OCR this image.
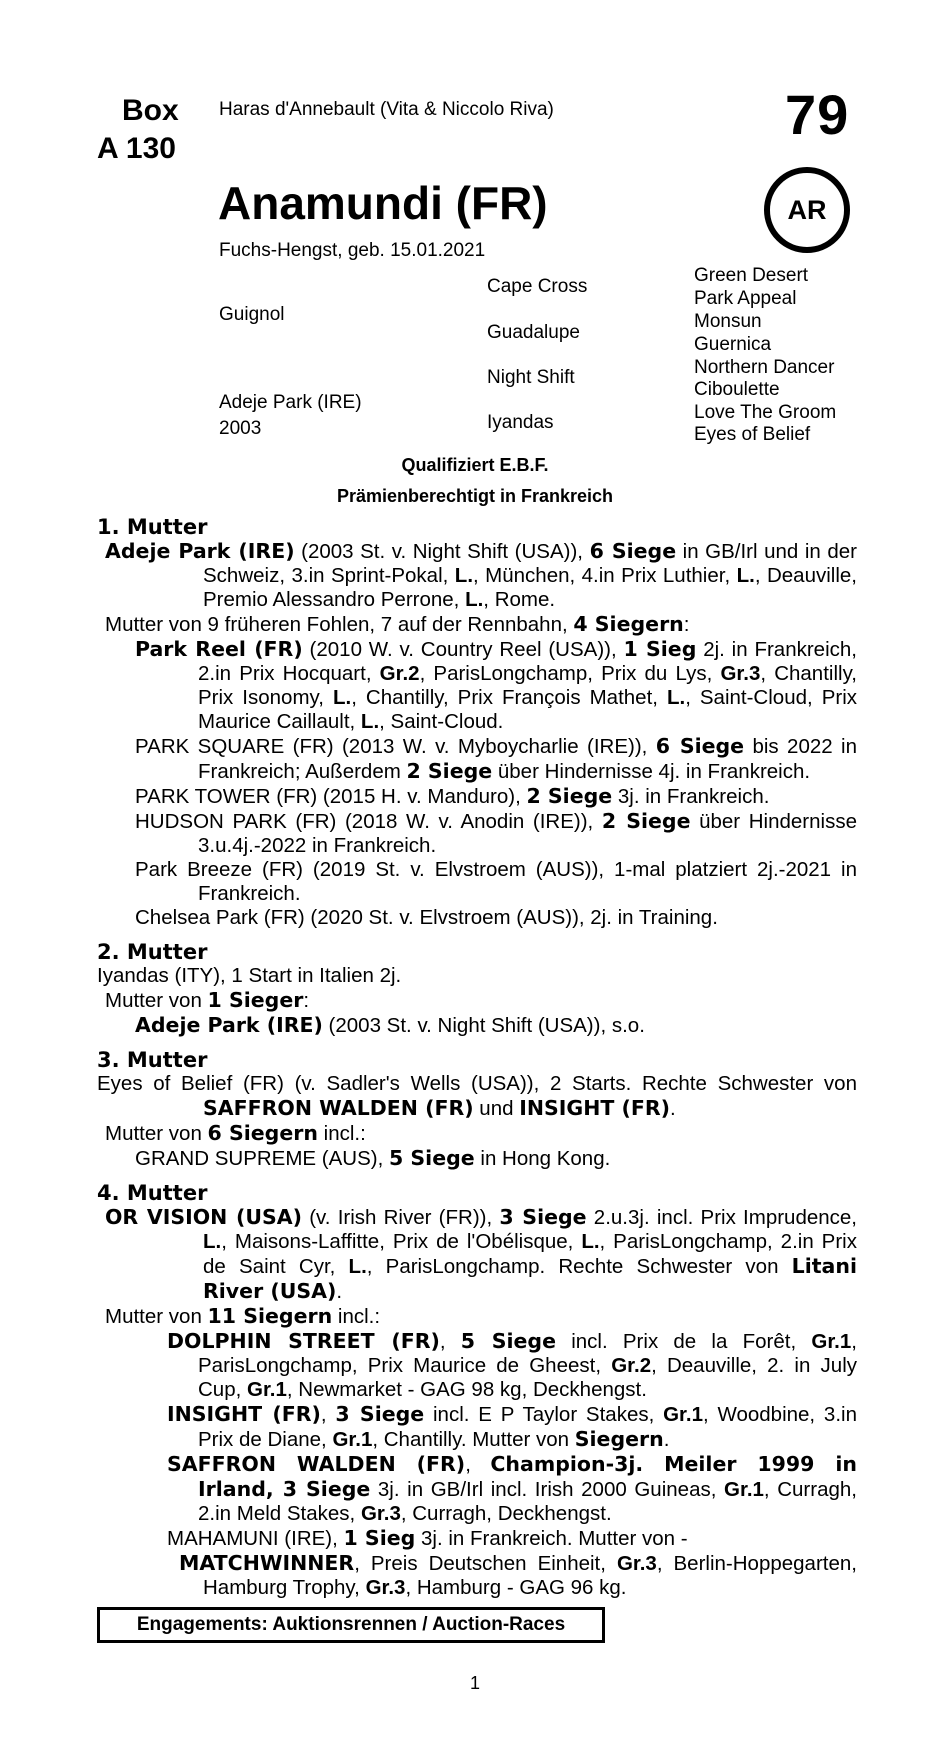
Box
A 130
Haras d'Annebault (Vita & Niccolo Riva)	79
Anamundi (FR)	AR
Fuchs-Hengst, geb. 15.01.2021
Guignol
Adeje Park (IRE)
2003
Cape Cross
Guadalupe
Night Shift
Iyandas
Green Desert
Park Appeal
Monsun
Guernica
Northern Dancer
Ciboulette
Love The Groom
Eyes of Belief
Qualifiziert E.B.F.
Prämienberechtigt in Frankreich
1. Mutter

Adeje Park (IRE) (2003 St. v. Night Shift (USA)), 6 Siege in GB/Irl und in der Schweiz, 3.in Sprint-Pokal, L., München, 4.in Prix Luthier, L., Deauville, Premio Alessandro Perrone, L., Rome.

Mutter von 9 früheren Fohlen, 7 auf der Rennbahn, 4 Siegern:

Park Reel (FR) (2010 W. v. Country Reel (USA)), 1 Sieg 2j. in Frankreich, 2.in Prix Hocquart, Gr.2, ParisLongchamp, Prix du Lys, Gr.3, Chantilly, Prix Isonomy, L., Chantilly, Prix François Mathet, L., Saint-Cloud, Prix Maurice Caillault, L., Saint-Cloud.

PARK SQUARE (FR) (2013 W. v. Myboycharlie (IRE)), 6 Siege bis 2022 in Frankreich; Außerdem 2 Siege über Hindernisse 4j. in Frankreich.

PARK TOWER (FR) (2015 H. v. Manduro), 2 Siege 3j. in Frankreich.

HUDSON PARK (FR) (2018 W. v. Anodin (IRE)), 2 Siege über Hindernisse 3.u.4j.-2022 in Frankreich.

Park Breeze (FR) (2019 St. v. Elvstroem (AUS)), 1-mal platziert 2j.-2021 in Frankreich.

Chelsea Park (FR) (2020 St. v. Elvstroem (AUS)), 2j. in Training.

2. Mutter

Iyandas (ITY), 1 Start in Italien 2j.

Mutter von 1 Sieger:

Adeje Park (IRE) (2003 St. v. Night Shift (USA)), s.o.

3. Mutter

Eyes of Belief (FR) (v. Sadler's Wells (USA)), 2 Starts. Rechte Schwester von SAFFRON WALDEN (FR) und INSIGHT (FR).

Mutter von 6 Siegern incl.:

GRAND SUPREME (AUS), 5 Siege in Hong Kong.

4. Mutter

OR VISION (USA) (v. Irish River (FR)), 3 Siege 2.u.3j. incl. Prix Imprudence, L., Maisons-Laffitte, Prix de l'Obélisque, L., ParisLongchamp, 2.in Prix de Saint Cyr, L., ParisLongchamp. Rechte Schwester von Litani River (USA).

Mutter von 11 Siegern incl.:

DOLPHIN STREET (FR), 5 Siege incl. Prix de la Forêt, Gr.1, ParisLongchamp, Prix Maurice de Gheest, Gr.2, Deauville, 2. in July Cup, Gr.1, Newmarket - GAG 98 kg, Deckhengst.

INSIGHT (FR), 3 Siege incl. E P Taylor Stakes, Gr.1, Woodbine, 3.in Prix de Diane, Gr.1, Chantilly. Mutter von Siegern.

SAFFRON WALDEN (FR), Champion-3j. Meiler 1999 in Irland, 3 Siege 3j. in GB/Irl incl. Irish 2000 Guineas, Gr.1, Curragh, 2.in Meld Stakes, Gr.3, Curragh, Deckhengst.

MAHAMUNI (IRE), 1 Sieg 3j. in Frankreich. Mutter von -

MATCHWINNER, Preis Deutschen Einheit, Gr.3, Berlin-Hoppegarten, Hamburg Trophy, Gr.3, Hamburg - GAG 96 kg.

Engagements: Auktionsrennen / Auction-Races
1
